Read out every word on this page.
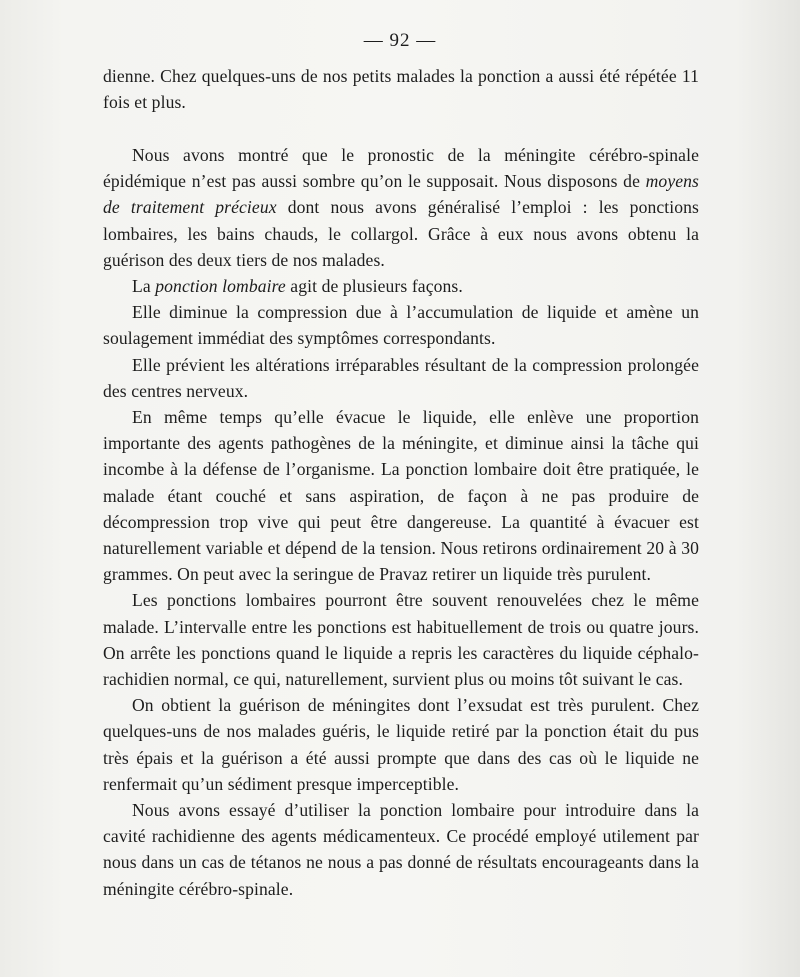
— 92 —

dienne. Chez quelques-uns de nos petits malades la ponction a aussi été répétée 11 fois et plus.

Nous avons montré que le pronostic de la méningite cérébro-spinale épidémique n’est pas aussi sombre qu’on le supposait. Nous disposons de moyens de traitement précieux dont nous avons généralisé l’emploi : les ponctions lombaires, les bains chauds, le collargol. Grâce à eux nous avons obtenu la guérison des deux tiers de nos malades.

La ponction lombaire agit de plusieurs façons.

Elle diminue la compression due à l’accumulation de liquide et amène un soulagement immédiat des symptômes correspondants.

Elle prévient les altérations irréparables résultant de la compression prolongée des centres nerveux.

En même temps qu’elle évacue le liquide, elle enlève une proportion importante des agents pathogènes de la méningite, et diminue ainsi la tâche qui incombe à la défense de l’organisme. La ponction lombaire doit être pratiquée, le malade étant couché et sans aspiration, de façon à ne pas produire de décompression trop vive qui peut être dangereuse. La quantité à évacuer est naturellement variable et dépend de la tension. Nous retirons ordinairement 20 à 30 grammes. On peut avec la seringue de Pravaz retirer un liquide très purulent.

Les ponctions lombaires pourront être souvent renouvelées chez le même malade. L’intervalle entre les ponctions est habituellement de trois ou quatre jours. On arrête les ponctions quand le liquide a repris les caractères du liquide céphalo-rachidien normal, ce qui, naturellement, survient plus ou moins tôt suivant le cas.

On obtient la guérison de méningites dont l’exsudat est très purulent. Chez quelques-uns de nos malades guéris, le liquide retiré par la ponction était du pus très épais et la guérison a été aussi prompte que dans des cas où le liquide ne renfermait qu’un sédiment presque imperceptible.

Nous avons essayé d’utiliser la ponction lombaire pour introduire dans la cavité rachidienne des agents médicamenteux. Ce procédé employé utilement par nous dans un cas de tétanos ne nous a pas donné de résultats encourageants dans la méningite cérébro-spinale.
